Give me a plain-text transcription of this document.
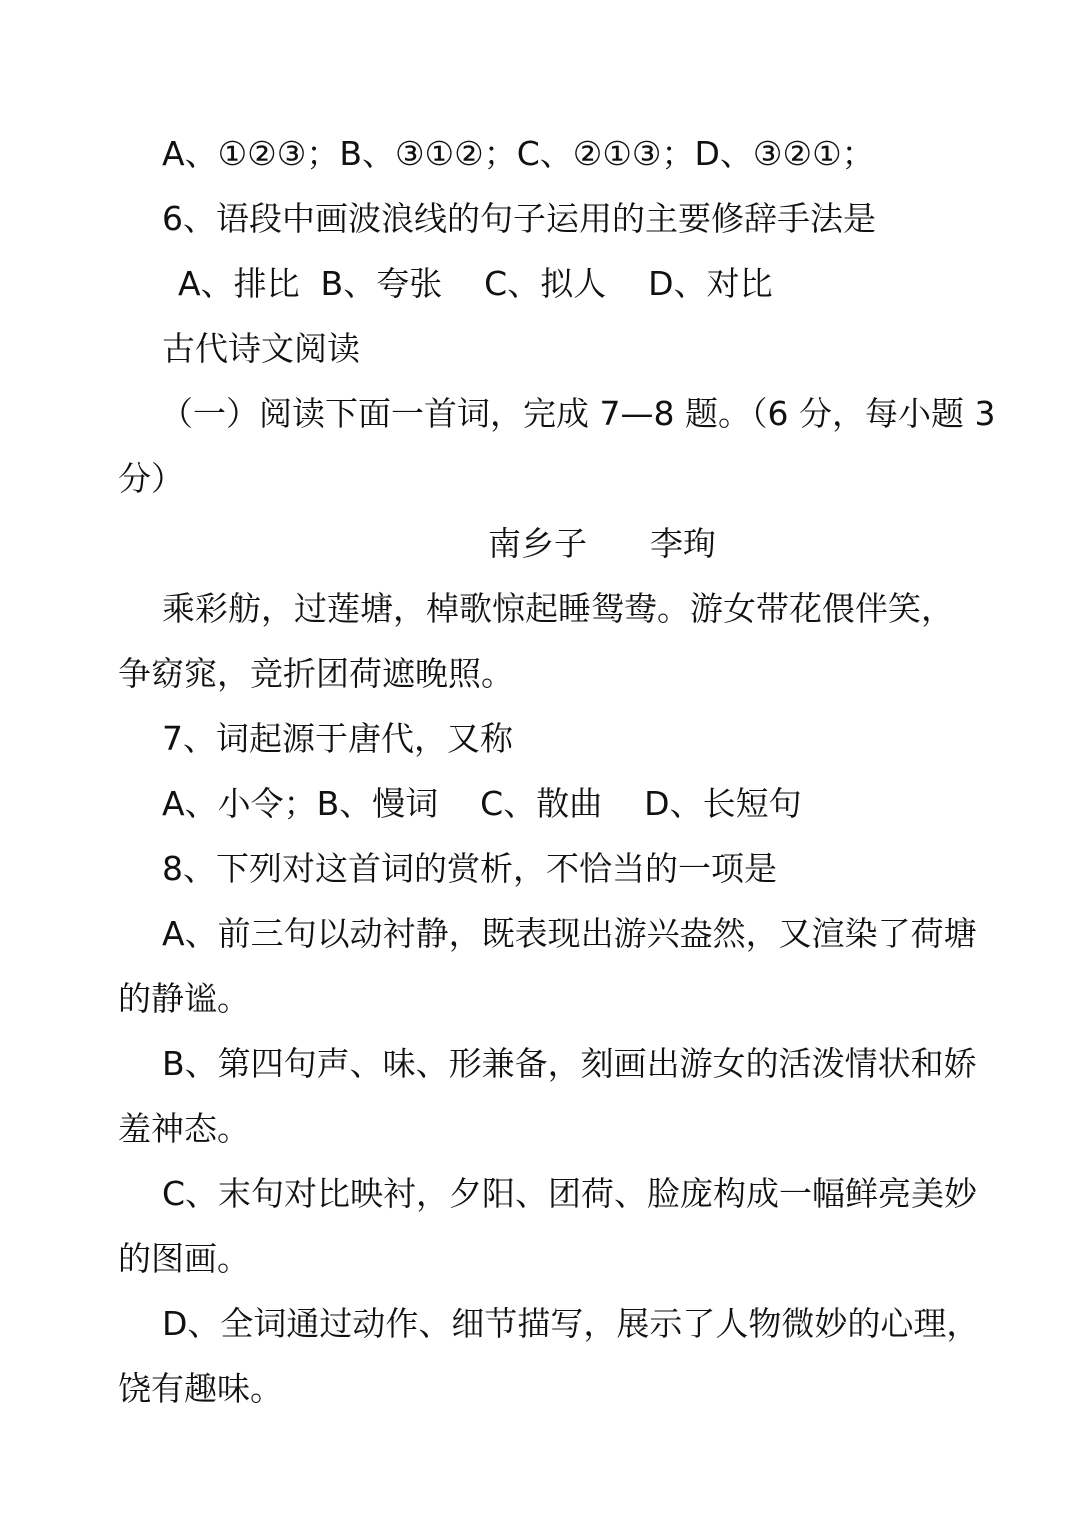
A、①②③；B、③①②；C、②①③；D、③②①；
6、语段中画波浪线的句子运用的主要修辞手法是
A、排比  B、夸张    C、拟人    D、对比
古代诗文阅读
（一）阅读下面一首词，完成 7—8 题。（6 分，每小题 3
分）
南乡子      李珣
乘彩舫，过莲塘，棹歌惊起睡鸳鸯。游女带花偎伴笑，
争窈窕，竞折团荷遮晚照。
7、词起源于唐代，又称
A、小令；B、慢词    C、散曲    D、长短句
8、下列对这首词的赏析，不恰当的一项是
A、前三句以动衬静，既表现出游兴盎然，又渲染了荷塘
的静谧。
B、第四句声、味、形兼备，刻画出游女的活泼情状和娇
羞神态。
C、末句对比映衬，夕阳、团荷、脸庞构成一幅鲜亮美妙
的图画。
D、全词通过动作、细节描写，展示了人物微妙的心理，
饶有趣味。
